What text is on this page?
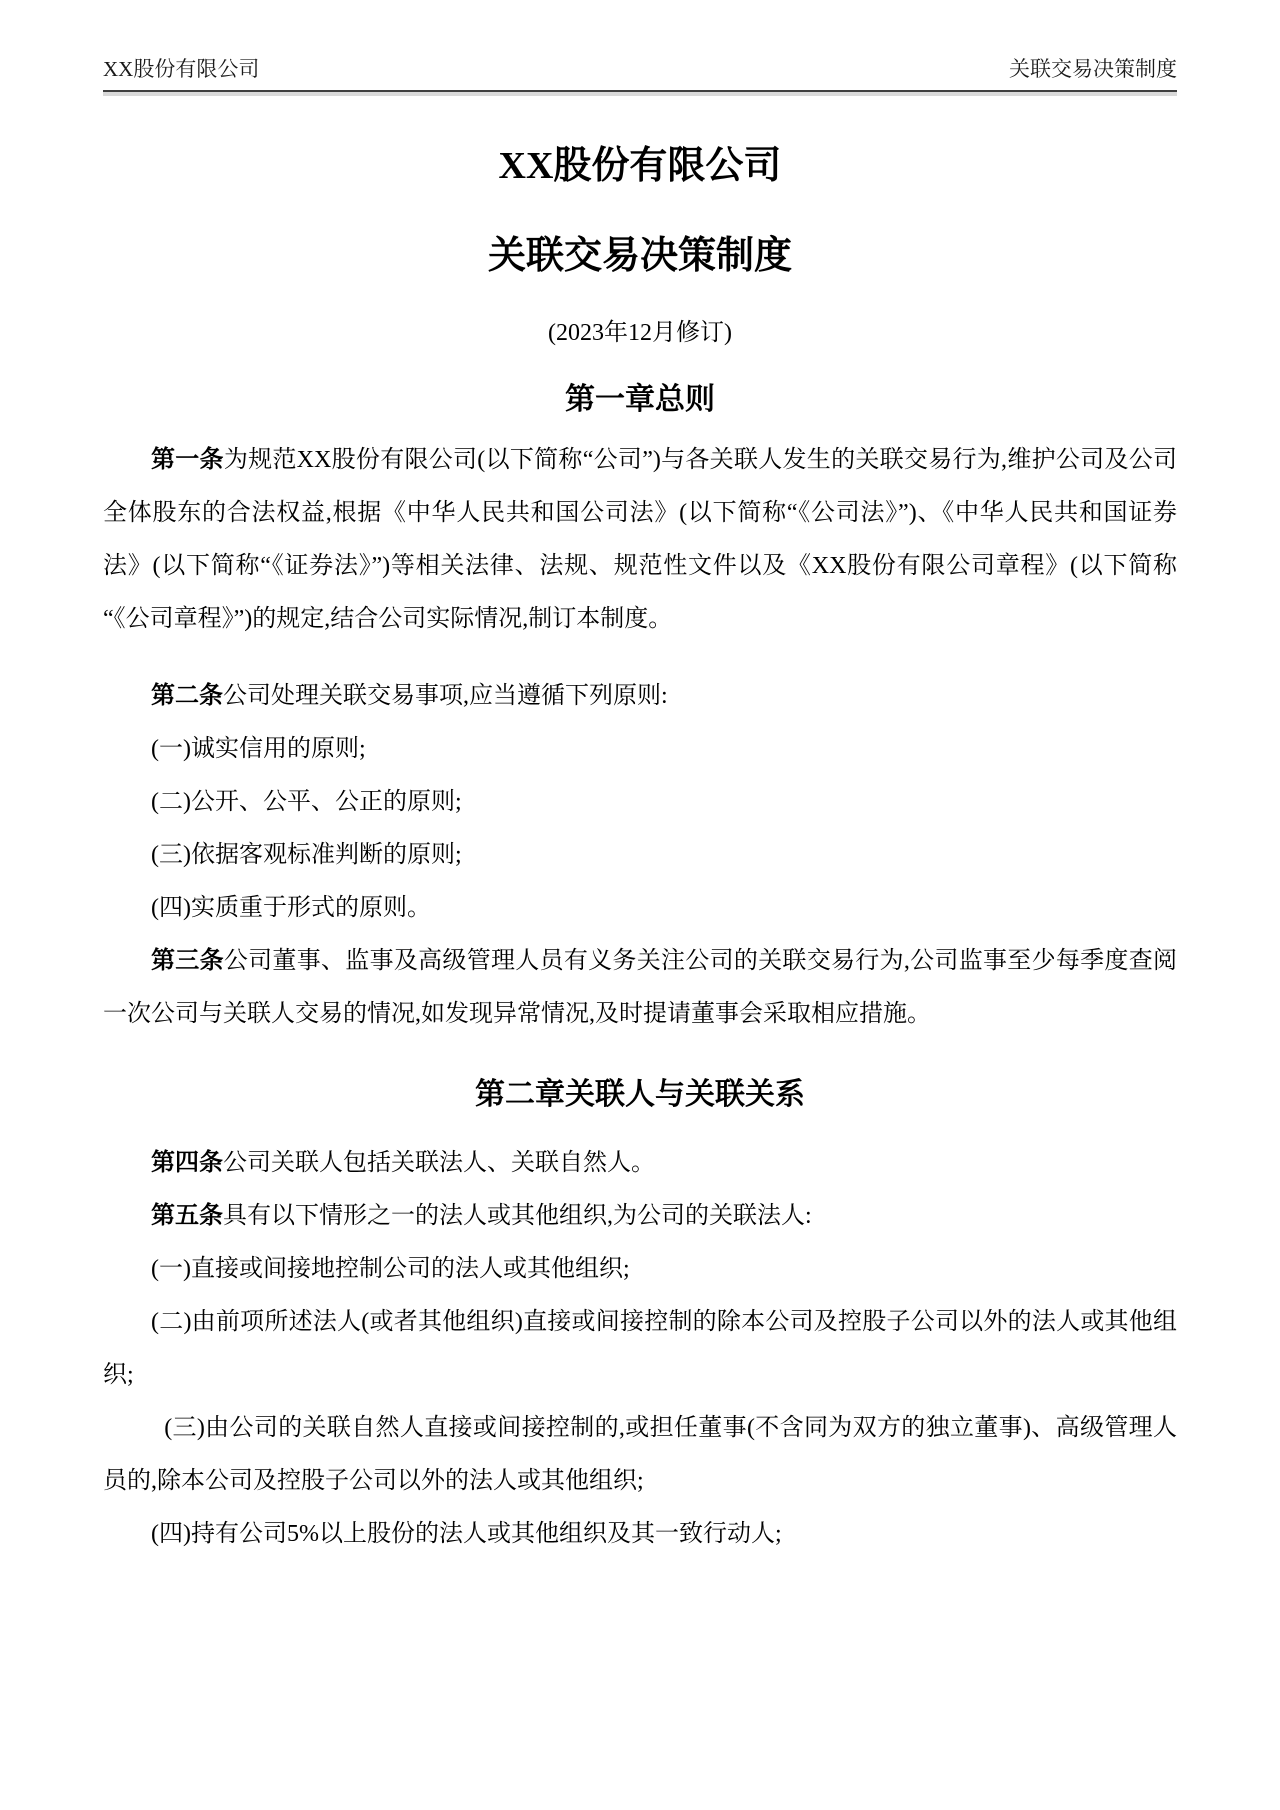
XX股份有限公司	关联交易决策制度
XX股份有限公司
关联交易决策制度
(2023年12月修订)
第一章总则

第一条为规范XX股份有限公司(以下简称“公司”)与各关联人发生的关联交易行为,维护公司及公司全体股东的合法权益,根据《中华人民共和国公司法》(以下简称“《公司法》”)、《中华人民共和国证券法》(以下简称“《证券法》”)等相关法律、法规、规范性文件以及《XX股份有限公司章程》(以下简称“《公司章程》”)的规定,结合公司实际情况,制订本制度。

第二条公司处理关联交易事项,应当遵循下列原则:

(一)诚实信用的原则;

(二)公开、公平、公正的原则;

(三)依据客观标准判断的原则;

(四)实质重于形式的原则。

第三条公司董事、监事及高级管理人员有义务关注公司的关联交易行为,公司监事至少每季度查阅一次公司与关联人交易的情况,如发现异常情况,及时提请董事会采取相应措施。

第二章关联人与关联关系

第四条公司关联人包括关联法人、关联自然人。

第五条具有以下情形之一的法人或其他组织,为公司的关联法人:

(一)直接或间接地控制公司的法人或其他组织;

(二)由前项所述法人(或者其他组织)直接或间接控制的除本公司及控股子公司以外的法人或其他组织;

(三)由公司的关联自然人直接或间接控制的,或担任董事(不含同为双方的独立董事)、高级管理人员的,除本公司及控股子公司以外的法人或其他组织;

(四)持有公司5%以上股份的法人或其他组织及其一致行动人;
